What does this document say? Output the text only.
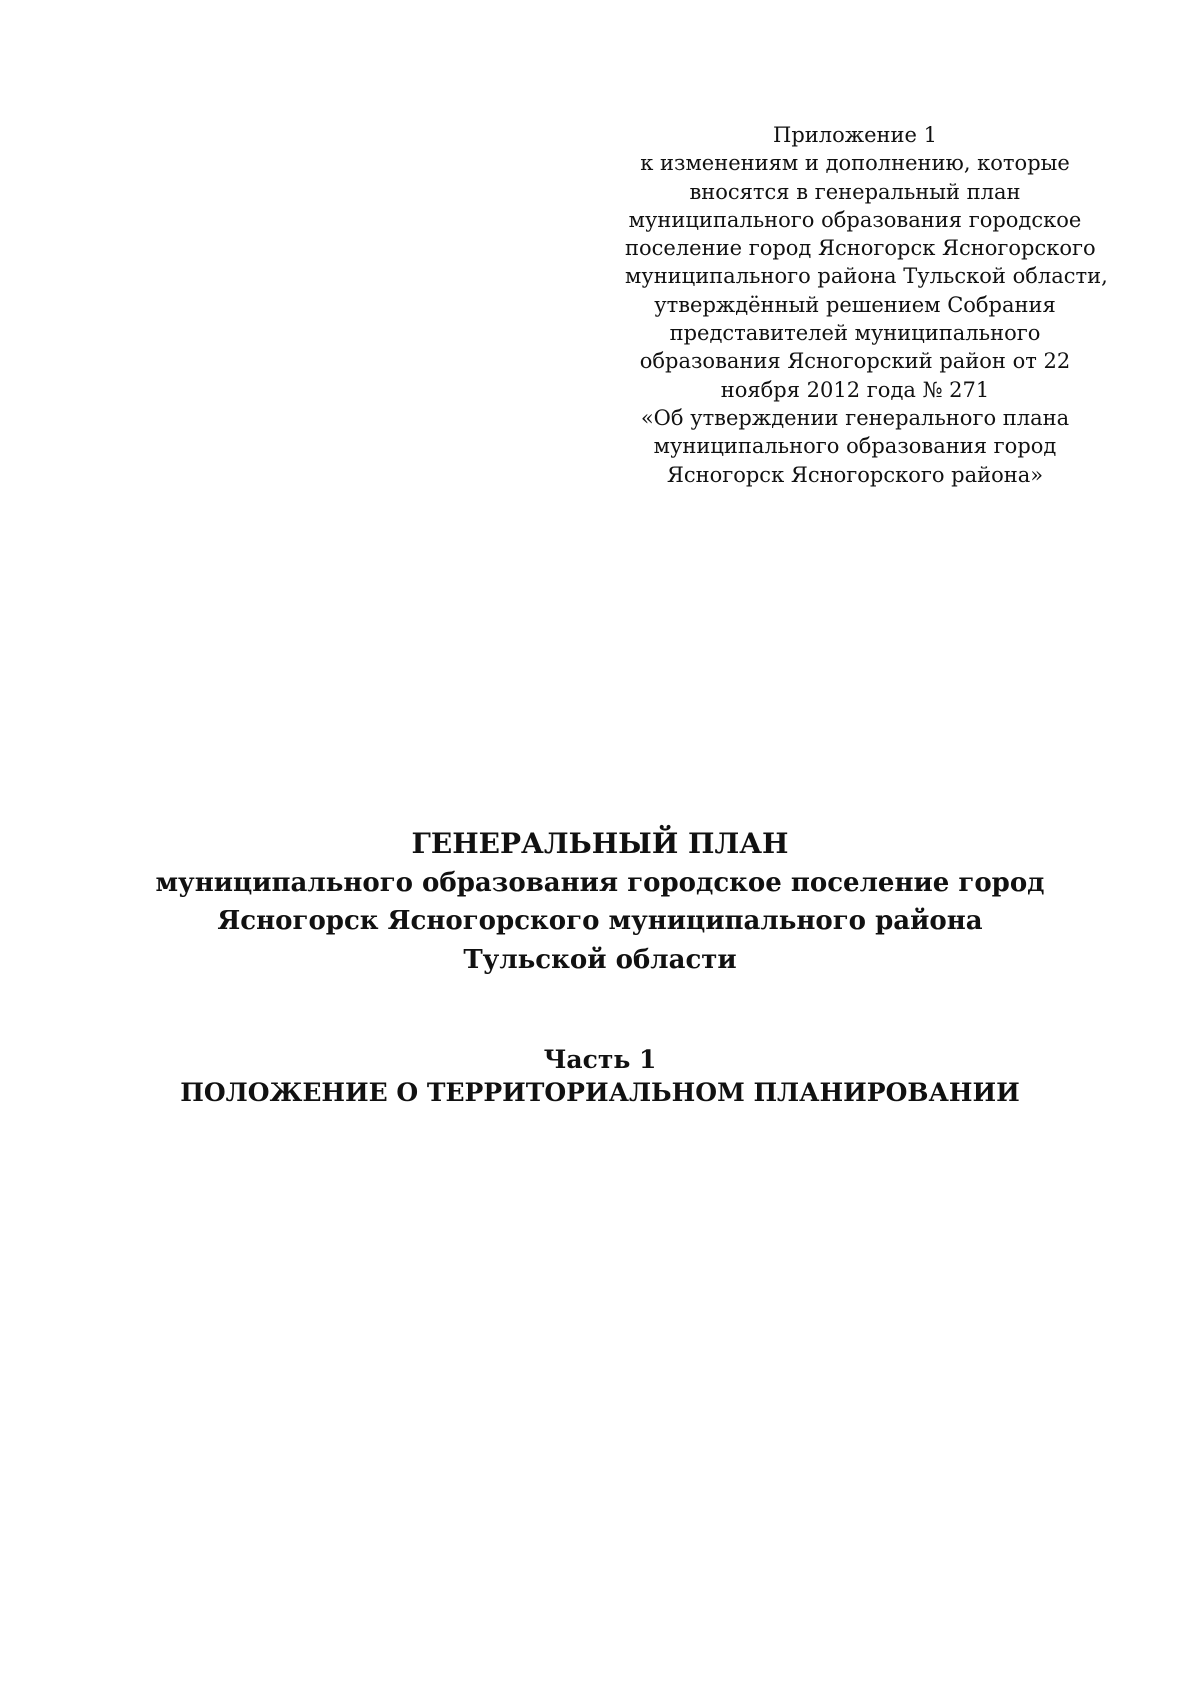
Приложение 1
к изменениям и дополнению, которые
вносятся в генеральный план
муниципального образования городское
поселение город Ясногорск Ясногорского
муниципального района Тульской области,
утверждённый решением Собрания
представителей муниципального
образования Ясногорский район от 22
ноября 2012 года № 271
«Об утверждении генерального плана
муниципального образования город
Ясногорск Ясногорского района»
ГЕНЕРАЛЬНЫЙ ПЛАН
муниципального образования городское поселение город
Ясногорск Ясногорского муниципального района
Тульской области
Часть 1
ПОЛОЖЕНИЕ О ТЕРРИТОРИАЛЬНОМ ПЛАНИРОВАНИИ
